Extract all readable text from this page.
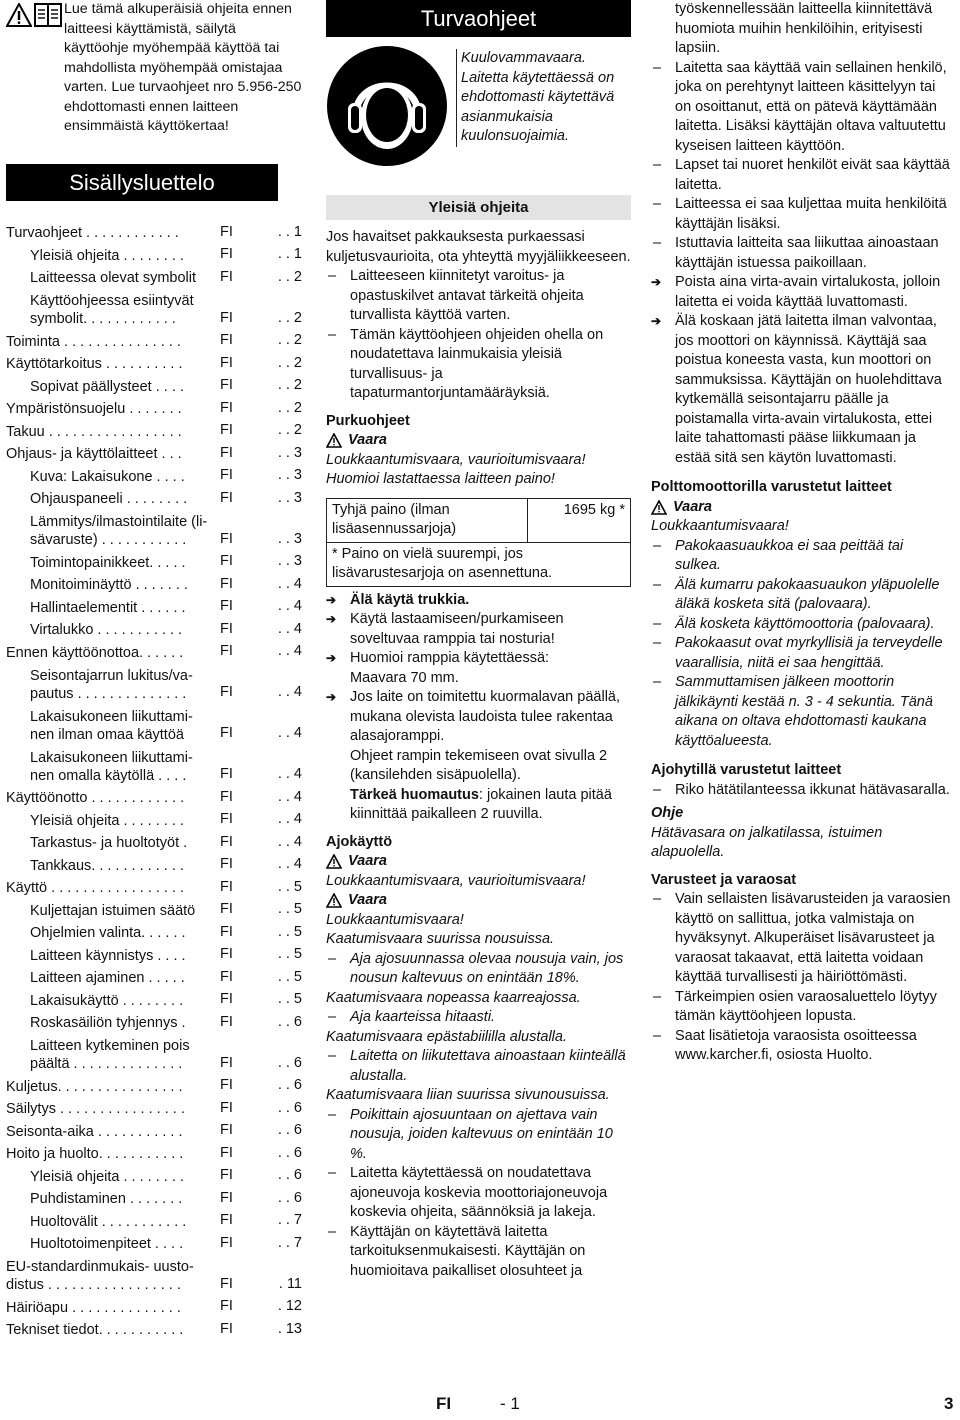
Lue tämä alkuperäisiä ohjeita ennen laitteesi käyttämistä, säilytä käyttöohje myöhempää käyttöä tai mahdollista myöhempää omistajaa varten. Lue turvaohjeet nro 5.956-250 ehdottomasti ennen laitteen ensimmäistä käyttökertaa!

Sisällysluettelo
Turvaohjeet . . . . . . . . . . . .	FI	. . 1
Yleisiä ohjeita . . . . . . . .	FI	. . 1
Laitteessa olevat symbolit	FI	. . 2
Käyttöohjeessa esiintyvät
symbolit. . . . . . . . . . . .	FI	. . 2
Toiminta . . . . . . . . . . . . . . .	FI	. . 2
Käyttötarkoitus . . . . . . . . . .	FI	. . 2
Sopivat päällysteet . . . .	FI	. . 2
Ympäristönsuojelu . . . . . . .	FI	. . 2
Takuu . . . . . . . . . . . . . . . . .	FI	. . 2
Ohjaus- ja käyttölaitteet . . .	FI	. . 3
Kuva: Lakaisukone . . . .	FI	. . 3
Ohjauspaneeli . . . . . . . .	FI	. . 3
Lämmitys/ilmastointilaite (li-
sävaruste) . . . . . . . . . . .	FI	. . 3
Toimintopainikkeet. . . . .	FI	. . 3
Monitoiminäyttö . . . . . . .	FI	. . 4
Hallintaelementit . . . . . .	FI	. . 4
Virtalukko . . . . . . . . . . .	FI	. . 4
Ennen käyttöönottoa. . . . . .	FI	. . 4
Seisontajarrun lukitus/va-
pautus . . . . . . . . . . . . . .	FI	. . 4
Lakaisukoneen liikuttami-
nen ilman omaa käyttöä	FI	. . 4
Lakaisukoneen liikuttami-
nen omalla käytöllä . . . .	FI	. . 4
Käyttöönotto . . . . . . . . . . . .	FI	. . 4
Yleisiä ohjeita . . . . . . . .	FI	. . 4
Tarkastus- ja huoltotyöt .	FI	. . 4
Tankkaus. . . . . . . . . . . .	FI	. . 4
Käyttö . . . . . . . . . . . . . . . . .	FI	. . 5
Kuljettajan istuimen säätö	FI	. . 5
Ohjelmien valinta. . . . . .	FI	. . 5
Laitteen käynnistys . . . .	FI	. . 5
Laitteen ajaminen . . . . .	FI	. . 5
Lakaisukäyttö . . . . . . . .	FI	. . 5
Roskasäiliön tyhjennys .	FI	. . 6
Laitteen kytkeminen pois
päältä . . . . . . . . . . . . . .	FI	. . 6
Kuljetus. . . . . . . . . . . . . . . .	FI	. . 6
Säilytys . . . . . . . . . . . . . . . .	FI	. . 6
Seisonta-aika . . . . . . . . . . .	FI	. . 6
Hoito ja huolto. . . . . . . . . . .	FI	. . 6
Yleisiä ohjeita . . . . . . . .	FI	. . 6
Puhdistaminen . . . . . . .	FI	. . 6
Huoltovälit . . . . . . . . . . .	FI	. . 7
Huoltotoimenpiteet . . . .	FI	. . 7
EU-standardinmukais- uusto-
distus . . . . . . . . . . . . . . . . .	FI	. 11
Häiriöapu . . . . . . . . . . . . . .	FI	. 12
Tekniset tiedot. . . . . . . . . . .	FI	. 13
Turvaohjeet

Kuulovammavaara. Laitetta käytettäessä on ehdottomasti käytettävä asianmukaisia kuulonsuojaimia.

Yleisiä ohjeita

Jos havaitset pakkauksesta purkaessasi kuljetusvaurioita, ota yhteyttä myyjäliikkeeseen.

– Laitteeseen kiinnitetyt varoitus- ja opastuskilvet antavat tärkeitä ohjeita turvallista käyttöä varten.

– Tämän käyttöohjeen ohjeiden ohella on noudatettava lainmukaisia yleisiä turvallisuus- ja tapaturmantorjuntamääräyksiä.

Purkuohjeet

Vaara

Loukkaantumisvaara, vaurioitumisvaara!

Huomioi lastattaessa laitteen paino!

Tyhjä paino (ilman lisäasennussarjoja)	1695 kg *
* Paino on vielä suurempi, jos lisävarustesarjoja on asennettuna.

➔ Älä käytä trukkia.

➔ Käytä lastaamiseen/purkamiseen soveltuvaa ramppia tai nosturia!

➔ Huomioi ramppia käytettäessä:

Maavara 70 mm.

➔ Jos laite on toimitettu kuormalavan päällä, mukana olevista laudoista tulee rakentaa alasajoramppi.

Ohjeet rampin tekemiseen ovat sivulla 2 (kansilehden sisäpuolella).

Tärkeä huomautus: jokainen lauta pitää kiinnittää paikalleen 2 ruuvilla.

Ajokäyttö

Vaara

Loukkaantumisvaara, vaurioitumisvaara!

Vaara

Loukkaantumisvaara!

Kaatumisvaara suurissa nousuissa.

– Aja ajosuunnassa olevaa nousuja vain, jos nousun kaltevuus on enintään 18%.

Kaatumisvaara nopeassa kaarreajossa.

– Aja kaarteissa hitaasti.

Kaatumisvaara epästabiililla alustalla.

– Laitetta on liikutettava ainoastaan kiinteällä alustalla.

Kaatumisvaara liian suurissa sivunousuissa.

– Poikittain ajosuuntaan on ajettava vain nousuja, joiden kaltevuus on enintään 10 %.

– Laitetta käytettäessä on noudatettava ajoneuvoja koskevia moottoriajoneuvoja koskevia ohjeita, säännöksiä ja lakeja.

– Käyttäjän on käytettävä laitetta tarkoituksenmukaisesti. Käyttäjän on huomioitava paikalliset olosuhteet ja

työskennellessään laitteella kiinnitettävä huomiota muihin henkilöihin, erityisesti lapsiin.

– Laitetta saa käyttää vain sellainen henkilö, joka on perehtynyt laitteen käsittelyyn tai on osoittanut, että on pätevä käyttämään laitetta. Lisäksi käyttäjän oltava valtuutettu kyseisen laitteen käyttöön.

– Lapset tai nuoret henkilöt eivät saa käyttää laitetta.

– Laitteessa ei saa kuljettaa muita henkilöitä käyttäjän lisäksi.

– Istuttavia laitteita saa liikuttaa ainoastaan käyttäjän istuessa paikoillaan.

➔ Poista aina virta-avain virtalukosta, jolloin laitetta ei voida käyttää luvattomasti.

➔ Älä koskaan jätä laitetta ilman valvontaa, jos moottori on käynnissä. Käyttäjä saa poistua koneesta vasta, kun moottori on sammuksissa. Käyttäjän on huolehdittava kytkemällä seisontajarru päälle ja poistamalla virta-avain virtalukosta, ettei laite tahattomasti pääse liikkumaan ja estää sitä sen käytön luvattomasti.

Polttomoottorilla varustetut laitteet

Vaara

Loukkaantumisvaara!

– Pakokaasuaukkoa ei saa peittää tai sulkea.

– Älä kumarru pakokaasuaukon yläpuolelle äläkä kosketa sitä (palovaara).

– Älä kosketa käyttömoottoria (palovaara).

– Pakokaasut ovat myrkyllisiä ja terveydelle vaarallisia, niitä ei saa hengittää.

– Sammuttamisen jälkeen moottorin jälkikäynti kestää n. 3 - 4 sekuntia. Tänä aikana on oltava ehdottomasti kaukana käyttöalueesta.

Ajohytillä varustetut laitteet

– Riko hätätilanteessa ikkunat hätävasaralla.

Ohje

Hätävasara on jalkatilassa, istuimen alapuolella.

Varusteet ja varaosat

– Vain sellaisten lisävarusteiden ja varaosien käyttö on sallittua, jotka valmistaja on hyväksynyt. Alkuperäiset lisävarusteet ja varaosat takaavat, että laitetta voidaan käyttää turvallisesti ja häiriöttömästi.

– Tärkeimpien osien varaosaluettelo löytyy tämän käyttöohjeen lopusta.

– Saat lisätietoja varaosista osoitteessa www.karcher.fi, osiosta Huolto.

FI	- 1	3
